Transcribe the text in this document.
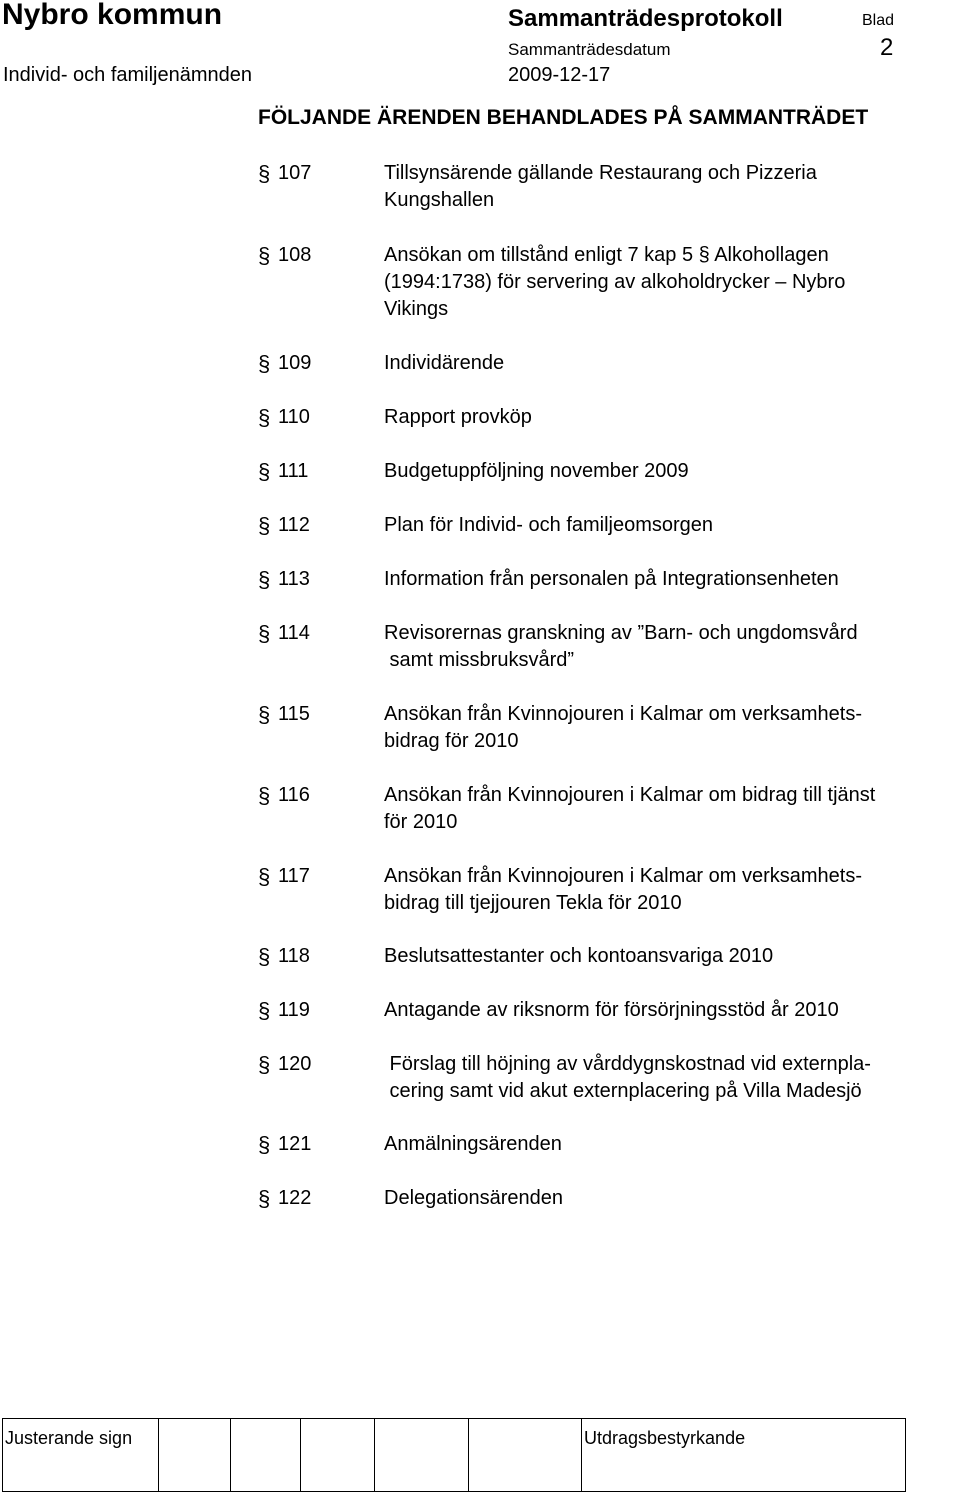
Nybro kommun	Sammanträdesprotokoll	Blad
Individ- och familjenämnden
Sammanträdesdatum	2
2009-12-17
FÖLJANDE ÄRENDEN BEHANDLADES PÅ SAMMANTRÄDET
§ 107	Tillsynsärende gällande Restaurang och Pizzeria
Kungshallen
§ 108	Ansökan om tillstånd enligt 7 kap 5 § Alkohollagen
(1994:1738) för servering av alkoholdrycker – Nybro
Vikings
§ 109	Individärende
§ 110	Rapport provköp
§ 111	Budgetuppföljning november 2009
§ 112	Plan för Individ- och familjeomsorgen
§ 113	Information från personalen på Integrationsenheten
§ 114	Revisorernas granskning av ”Barn- och ungdomsvård
samt missbruksvård”
§ 115	Ansökan från Kvinnojouren i Kalmar om verksamhets-
bidrag för 2010
§ 116	Ansökan från Kvinnojouren i Kalmar om bidrag till tjänst
för 2010
§ 117	Ansökan från Kvinnojouren i Kalmar om verksamhets-
bidrag till tjejjouren Tekla för 2010
§ 118	Beslutsattestanter och kontoansvariga 2010
§ 119	Antagande av riksnorm för försörjningsstöd år 2010
§ 120	Förslag till höjning av vårddygnskostnad vid externpla-
cering samt vid akut externplacering på Villa Madesjö
§ 121	Anmälningsärenden
§ 122	Delegationsärenden
Justerande sign	Utdragsbestyrkande
